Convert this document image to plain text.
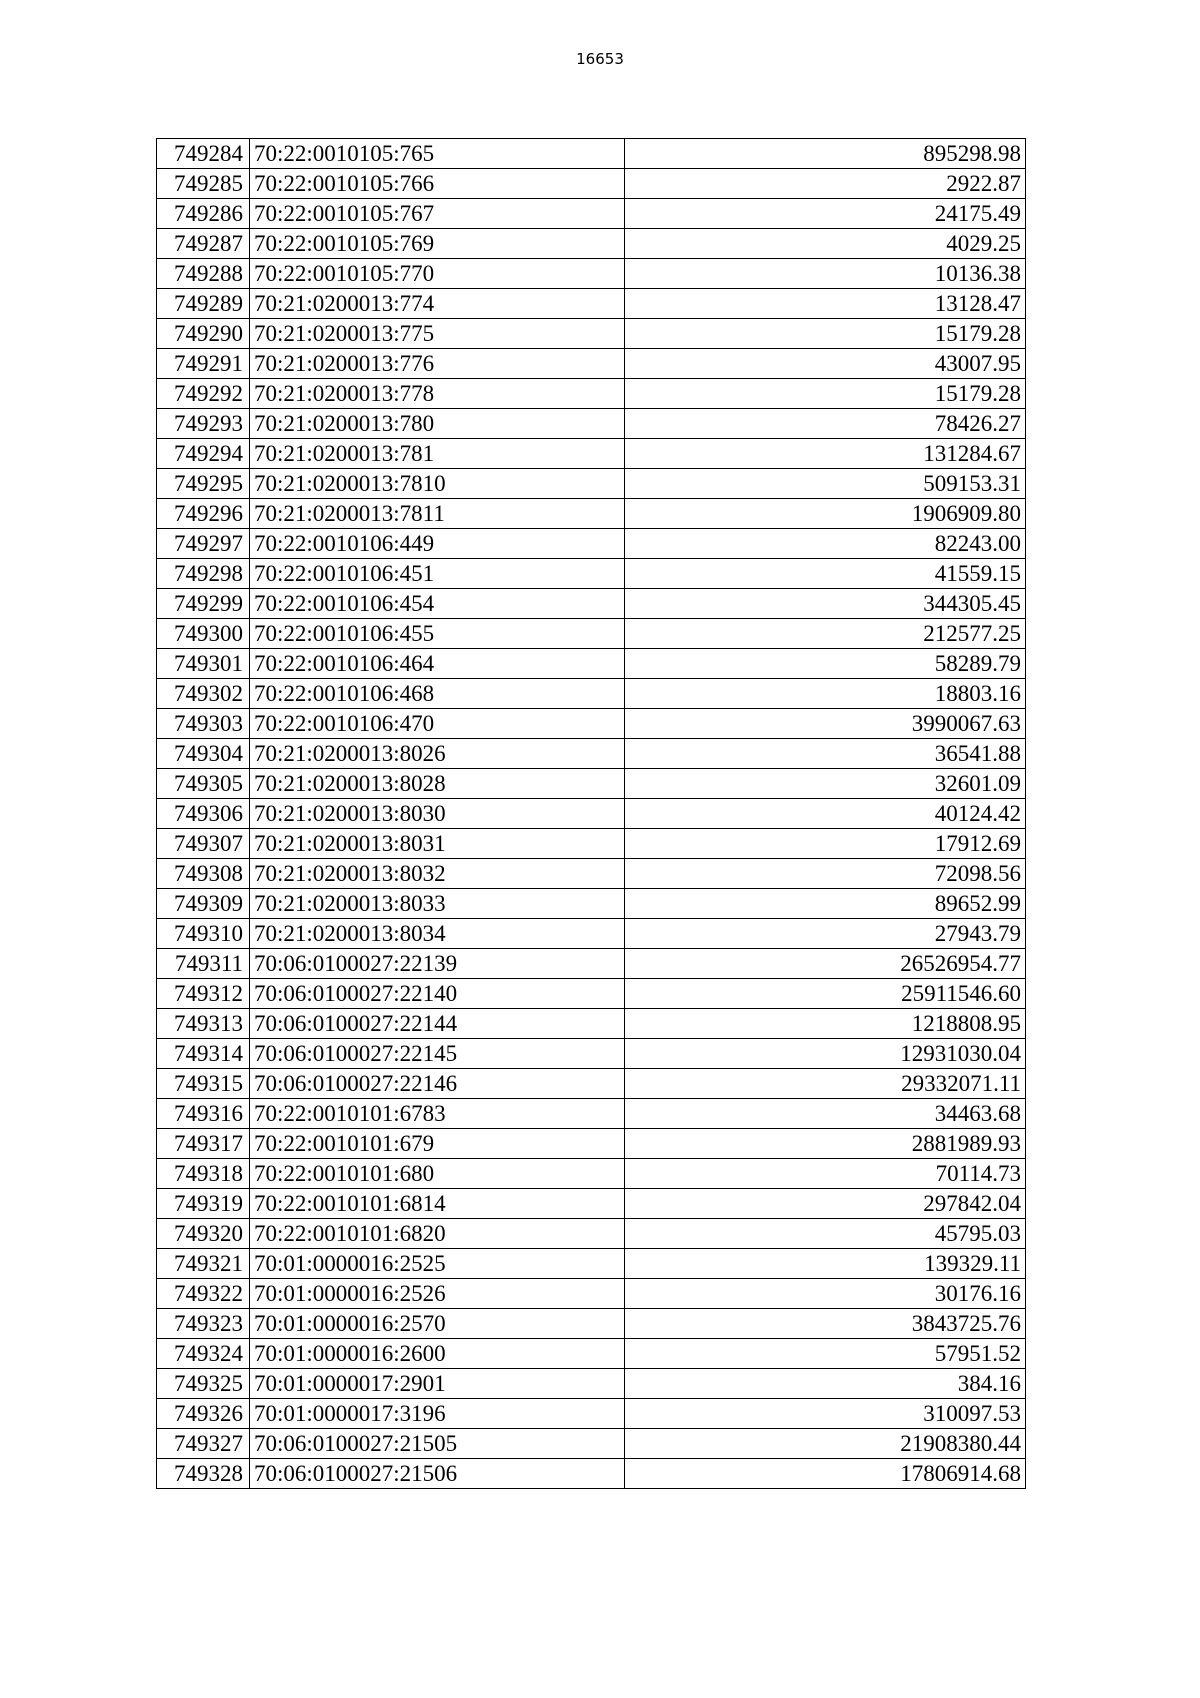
16653
749284	70:22:0010105:765	895298.98
749285	70:22:0010105:766	2922.87
749286	70:22:0010105:767	24175.49
749287	70:22:0010105:769	4029.25
749288	70:22:0010105:770	10136.38
749289	70:21:0200013:774	13128.47
749290	70:21:0200013:775	15179.28
749291	70:21:0200013:776	43007.95
749292	70:21:0200013:778	15179.28
749293	70:21:0200013:780	78426.27
749294	70:21:0200013:781	131284.67
749295	70:21:0200013:7810	509153.31
749296	70:21:0200013:7811	1906909.80
749297	70:22:0010106:449	82243.00
749298	70:22:0010106:451	41559.15
749299	70:22:0010106:454	344305.45
749300	70:22:0010106:455	212577.25
749301	70:22:0010106:464	58289.79
749302	70:22:0010106:468	18803.16
749303	70:22:0010106:470	3990067.63
749304	70:21:0200013:8026	36541.88
749305	70:21:0200013:8028	32601.09
749306	70:21:0200013:8030	40124.42
749307	70:21:0200013:8031	17912.69
749308	70:21:0200013:8032	72098.56
749309	70:21:0200013:8033	89652.99
749310	70:21:0200013:8034	27943.79
749311	70:06:0100027:22139	26526954.77
749312	70:06:0100027:22140	25911546.60
749313	70:06:0100027:22144	1218808.95
749314	70:06:0100027:22145	12931030.04
749315	70:06:0100027:22146	29332071.11
749316	70:22:0010101:6783	34463.68
749317	70:22:0010101:679	2881989.93
749318	70:22:0010101:680	70114.73
749319	70:22:0010101:6814	297842.04
749320	70:22:0010101:6820	45795.03
749321	70:01:0000016:2525	139329.11
749322	70:01:0000016:2526	30176.16
749323	70:01:0000016:2570	3843725.76
749324	70:01:0000016:2600	57951.52
749325	70:01:0000017:2901	384.16
749326	70:01:0000017:3196	310097.53
749327	70:06:0100027:21505	21908380.44
749328	70:06:0100027:21506	17806914.68
